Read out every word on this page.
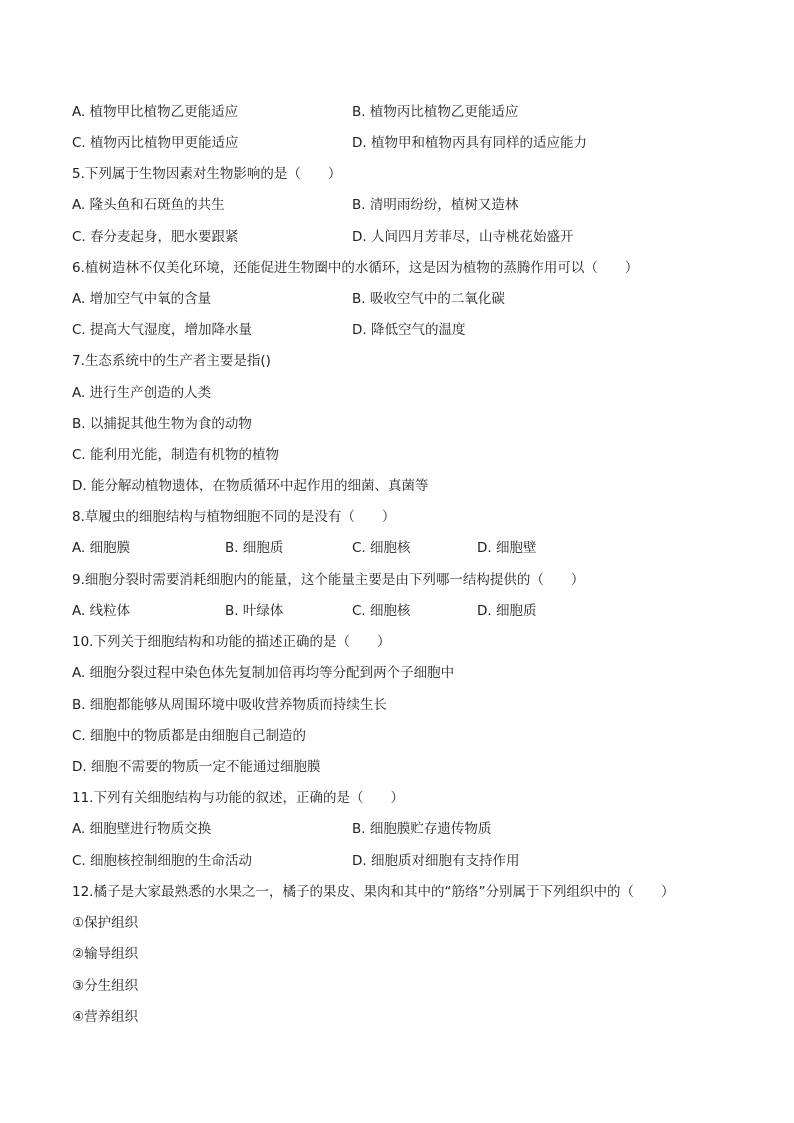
A. 植物甲比植物乙更能适应	B. 植物丙比植物乙更能适应
C. 植物丙比植物甲更能适应	D. 植物甲和植物丙具有同样的适应能力
5.下列属于生物因素对生物影响的是（　　）
A. 隆头鱼和石斑鱼的共生	B. 清明雨纷纷，植树又造林
C. 春分麦起身，肥水要跟紧	D. 人间四月芳菲尽，山寺桃花始盛开
6.植树造林不仅美化环境，还能促进生物圈中的水循环，这是因为植物的蒸腾作用可以（　　）
A. 增加空气中氧的含量	B. 吸收空气中的二氧化碳
C. 提高大气湿度，增加降水量	D. 降低空气的温度
7.生态系统中的生产者主要是指()
A. 进行生产创造的人类
B. 以捕捉其他生物为食的动物
C. 能利用光能，制造有机物的植物
D. 能分解动植物遗体，在物质循环中起作用的细菌、真菌等
8.草履虫的细胞结构与植物细胞不同的是没有（　　）
A. 细胞膜	B. 细胞质	C. 细胞核	D. 细胞壁
9.细胞分裂时需要消耗细胞内的能量，这个能量主要是由下列哪一结构提供的（　　）
A. 线粒体	B. 叶绿体	C. 细胞核	D. 细胞质
10.下列关于细胞结构和功能的描述正确的是（　　）
A. 细胞分裂过程中染色体先复制加倍再均等分配到两个子细胞中
B. 细胞都能够从周围环境中吸收营养物质而持续生长
C. 细胞中的物质都是由细胞自己制造的
D. 细胞不需要的物质一定不能通过细胞膜
11.下列有关细胞结构与功能的叙述，正确的是（　　）
A. 细胞壁进行物质交换	B. 细胞膜贮存遗传物质
C. 细胞核控制细胞的生命活动	D. 细胞质对细胞有支持作用
12.橘子是大家最熟悉的水果之一，橘子的果皮、果肉和其中的“筋络”分别属于下列组织中的（　　）
①保护组织
②输导组织
③分生组织
④营养组织
